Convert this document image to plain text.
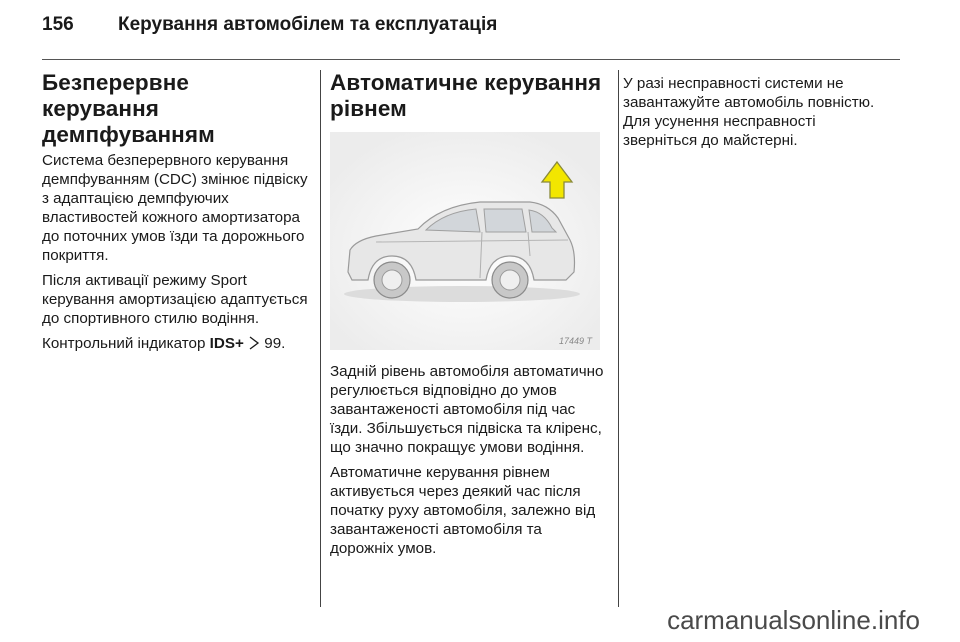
156	Керування автомобілем та експлуатація
Безперервне керування демпфуванням

Система безперервного керування демпфуванням (CDC) змінює підвіску з адаптацією демпфуючих властивостей кожного амортизатора до поточних умов їзди та дорожнього покриття.

Після активації режиму Sport керування амортизацією адаптується до спортивного стилю водіння.

Контрольний індикатор IDS+  99.

Автоматичне керування рівнем
17449 T

Задній рівень автомобіля автоматично регулюється відповідно до умов завантаженості автомобіля під час їзди. Збільшується підвіска та кліренс, що значно покращує умови водіння.

Автоматичне керування рівнем активується через деякий час після початку руху автомобіля, залежно від завантаженості автомобіля та дорожніх умов.

У разі несправності системи не завантажуйте автомобіль повністю. Для усунення несправності зверніться до майстерні.

carmanualsonline.info
